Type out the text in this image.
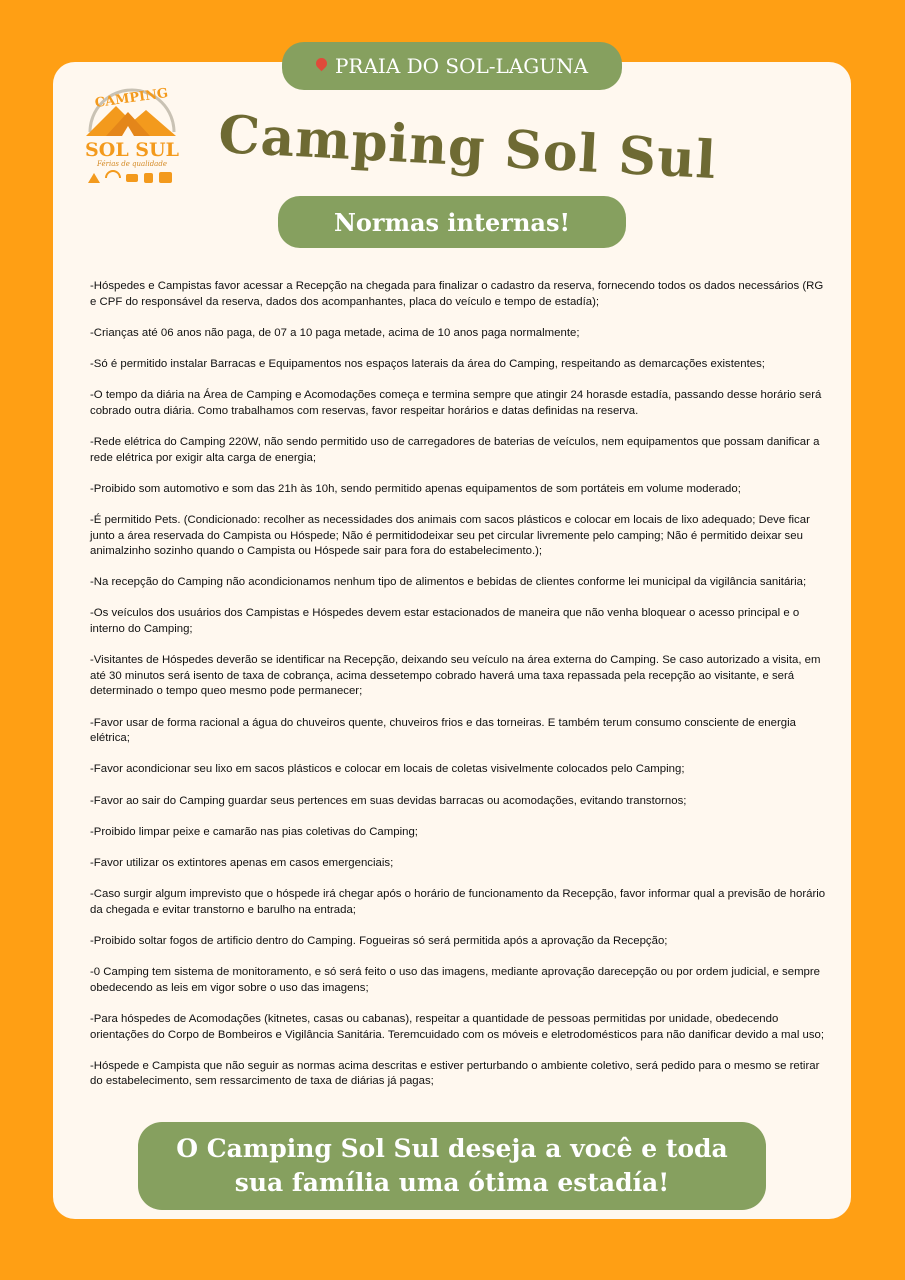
PRAIA DO SOL-LAGUNA
CAMPING
SOL SUL
Férias de qualidade Camping Sol Sul
Normas internas!

-Hóspedes e Campistas favor acessar a Recepção na chegada para finalizar o cadastro da reserva, fornecendo todos os dados necessários (RG e CPF do responsável da reserva, dados dos acompanhantes, placa do veículo e tempo de estadía);

-Crianças até 06 anos não paga, de 07 a 10 paga metade, acima de 10 anos paga normalmente;

-Só é permitido instalar Barracas e Equipamentos nos espaços laterais da área do Camping, respeitando as demarcações existentes;

-O tempo da diária na Área de Camping e Acomodações começa e termina sempre que atingir 24 horasde estadía, passando desse horário será cobrado outra diária. Como trabalhamos com reservas, favor respeitar horários e datas definidas na reserva.

-Rede elétrica do Camping 220W, não sendo permitido uso de carregadores de baterias de veículos, nem equipamentos que possam danificar a rede elétrica por exigir alta carga de energia;

-Proibido som automotivo e som das 21h às 10h, sendo permitido apenas equipamentos de som portáteis em volume moderado;

-É permitido Pets. (Condicionado: recolher as necessidades dos animais com sacos plásticos e colocar em locais de lixo adequado; Deve ficar junto a área reservada do Campista ou Hóspede; Não é permitidodeixar seu pet circular livremente pelo camping; Não é permitido deixar seu animalzinho sozinho quando o Campista ou Hóspede sair para fora do estabelecimento.);

-Na recepção do Camping não acondicionamos nenhum tipo de alimentos e bebidas de clientes conforme lei municipal da vigilância sanitária;

-Os veículos dos usuários dos Campistas e Hóspedes devem estar estacionados de maneira que não venha bloquear o acesso principal e o interno do Camping;

-Visitantes de Hóspedes deverão se identificar na Recepção, deixando seu veículo na área externa do Camping. Se caso autorizado a visita, em até 30 minutos será isento de taxa de cobrança, acima dessetempo cobrado haverá uma taxa repassada pela recepção ao visitante, e será determinado o tempo queo mesmo pode permanecer;

-Favor usar de forma racional a água do chuveiros quente, chuveiros frios e das torneiras. E também terum consumo consciente de energia elétrica;

-Favor acondicionar seu lixo em sacos plásticos e colocar em locais de coletas visivelmente colocados pelo Camping;

-Favor ao sair do Camping guardar seus pertences em suas devidas barracas ou acomodações, evitando transtornos;

-Proibido limpar peixe e camarão nas pias coletivas do Camping;

-Favor utilizar os extintores apenas em casos emergenciais;

-Caso surgir algum imprevisto que o hóspede irá chegar após o horário de funcionamento da Recepção, favor informar qual a previsão de horário da chegada e evitar transtorno e barulho na entrada;

-Proibido soltar fogos de artificio dentro do Camping. Fogueiras só será permitida após a aprovação da Recepção;

-0 Camping tem sistema de monitoramento, e só será feito o uso das imagens, mediante aprovação darecepção ou por ordem judicial, e sempre obedecendo as leis em vigor sobre o uso das imagens;

-Para hóspedes de Acomodações (kitnetes, casas ou cabanas), respeitar a quantidade de pessoas permitidas por unidade, obedecendo orientações do Corpo de Bombeiros e Vigilância Sanitária. Teremcuidado com os móveis e eletrodomésticos para não danificar devido a mal uso;

-Hóspede e Campista que não seguir as normas acima descritas e estiver perturbando o ambiente coletivo, será pedido para o mesmo se retirar do estabelecimento, sem ressarcimento de taxa de diárias já pagas;

O Camping Sol Sul deseja a você e toda
sua família uma ótima estadía!
